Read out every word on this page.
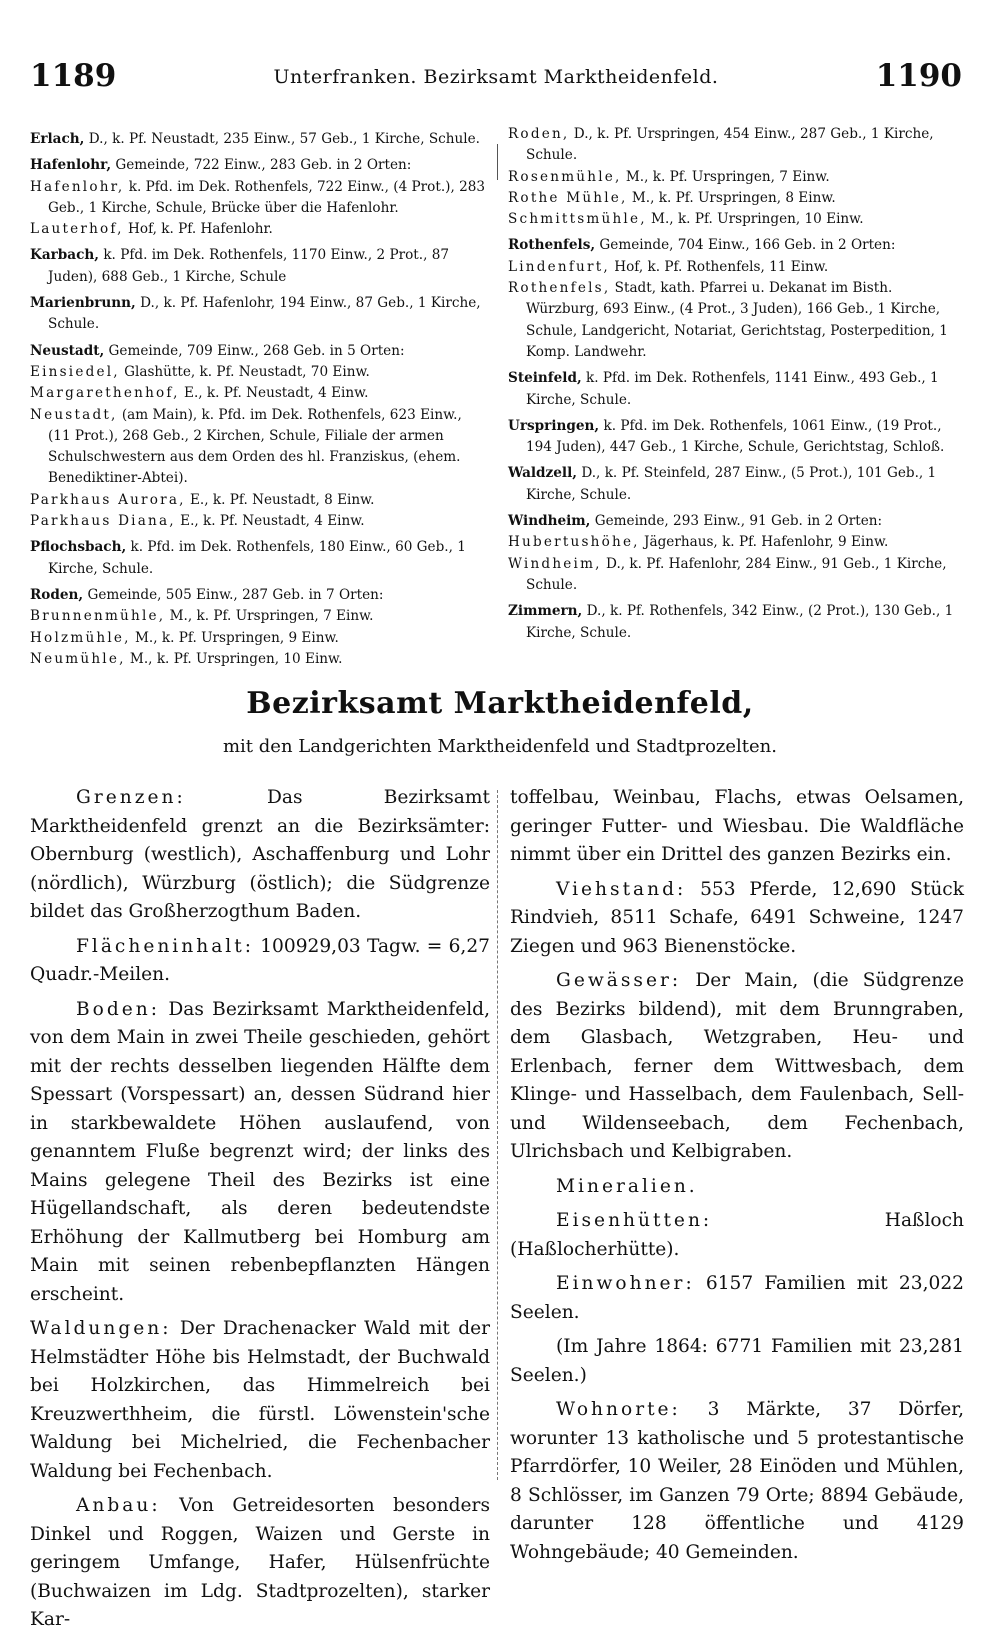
1189	Unterfranken. Bezirksamt Marktheidenfeld.	1190

Erlach, D., k. Pf. Neustadt, 235 Einw., 57 Geb., 1 Kirche, Schule.

Hafenlohr, Gemeinde, 722 Einw., 283 Geb. in 2 Orten:

Hafenlohr, k. Pfd. im Dek. Rothenfels, 722 Einw., (4 Prot.), 283 Geb., 1 Kirche, Schule, Brücke über die Hafenlohr.

Lauterhof, Hof, k. Pf. Hafenlohr.

Karbach, k. Pfd. im Dek. Rothenfels, 1170 Einw., 2 Prot., 87 Juden), 688 Geb., 1 Kirche, Schule

Marienbrunn, D., k. Pf. Hafenlohr, 194 Einw., 87 Geb., 1 Kirche, Schule.

Neustadt, Gemeinde, 709 Einw., 268 Geb. in 5 Orten:

Einsiedel, Glashütte, k. Pf. Neustadt, 70 Einw.

Margarethenhof, E., k. Pf. Neustadt, 4 Einw.

Neustadt, (am Main), k. Pfd. im Dek. Rothenfels, 623 Einw., (11 Prot.), 268 Geb., 2 Kirchen, Schule, Filiale der armen Schulschwestern aus dem Orden des hl. Franziskus, (ehem. Benediktiner-Abtei).

Parkhaus Aurora, E., k. Pf. Neustadt, 8 Einw.

Parkhaus Diana, E., k. Pf. Neustadt, 4 Einw.

Pflochsbach, k. Pfd. im Dek. Rothenfels, 180 Einw., 60 Geb., 1 Kirche, Schule.

Roden, Gemeinde, 505 Einw., 287 Geb. in 7 Orten:

Brunnenmühle, M., k. Pf. Urspringen, 7 Einw.

Holzmühle, M., k. Pf. Urspringen, 9 Einw.

Neumühle, M., k. Pf. Urspringen, 10 Einw.

Roden, D., k. Pf. Urspringen, 454 Einw., 287 Geb., 1 Kirche, Schule.

Rosenmühle, M., k. Pf. Urspringen, 7 Einw.

Rothe Mühle, M., k. Pf. Urspringen, 8 Einw.

Schmittsmühle, M., k. Pf. Urspringen, 10 Einw.

Rothenfels, Gemeinde, 704 Einw., 166 Geb. in 2 Orten:

Lindenfurt, Hof, k. Pf. Rothenfels, 11 Einw.

Rothenfels, Stadt, kath. Pfarrei u. Dekanat im Bisth. Würzburg, 693 Einw., (4 Prot., 3 Juden), 166 Geb., 1 Kirche, Schule, Landgericht, Notariat, Gerichtstag, Posterpedition, 1 Komp. Landwehr.

Steinfeld, k. Pfd. im Dek. Rothenfels, 1141 Einw., 493 Geb., 1 Kirche, Schule.

Urspringen, k. Pfd. im Dek. Rothenfels, 1061 Einw., (19 Prot., 194 Juden), 447 Geb., 1 Kirche, Schule, Gerichtstag, Schloß.

Waldzell, D., k. Pf. Steinfeld, 287 Einw., (5 Prot.), 101 Geb., 1 Kirche, Schule.

Windheim, Gemeinde, 293 Einw., 91 Geb. in 2 Orten:

Hubertushöhe, Jägerhaus, k. Pf. Hafenlohr, 9 Einw.

Windheim, D., k. Pf. Hafenlohr, 284 Einw., 91 Geb., 1 Kirche, Schule.

Zimmern, D., k. Pf. Rothenfels, 342 Einw., (2 Prot.), 130 Geb., 1 Kirche, Schule.

Bezirksamt Marktheidenfeld,
mit den Landgerichten Marktheidenfeld und Stadtprozelten.

Grenzen: Das Bezirksamt Marktheidenfeld grenzt an die Bezirksämter: Obernburg (westlich), Aschaffenburg und Lohr (nördlich), Würzburg (östlich); die Südgrenze bildet das Großherzogthum Baden.

Flächeninhalt: 100929,03 Tagw. = 6,27 Quadr.-Meilen.

Boden: Das Bezirksamt Marktheidenfeld, von dem Main in zwei Theile geschieden, gehört mit der rechts desselben liegenden Hälfte dem Spessart (Vorspessart) an, dessen Südrand hier in starkbewaldete Höhen auslaufend, von genanntem Fluße begrenzt wird; der links des Mains gelegene Theil des Bezirks ist eine Hügellandschaft, als deren bedeutendste Erhöhung der Kallmutberg bei Homburg am Main mit seinen rebenbepflanzten Hängen erscheint.

Waldungen: Der Drachenacker Wald mit der Helmstädter Höhe bis Helmstadt, der Buchwald bei Holzkirchen, das Himmelreich bei Kreuzwerthheim, die fürstl. Löwenstein'sche Waldung bei Michelried, die Fechenbacher Waldung bei Fechenbach.

Anbau: Von Getreidesorten besonders Dinkel und Roggen, Waizen und Gerste in geringem Umfange, Hafer, Hülsenfrüchte (Buchwaizen im Ldg. Stadtprozelten), starker Kar-

toffelbau, Weinbau, Flachs, etwas Oelsamen, geringer Futter- und Wiesbau. Die Waldfläche nimmt über ein Drittel des ganzen Bezirks ein.

Viehstand: 553 Pferde, 12,690 Stück Rindvieh, 8511 Schafe, 6491 Schweine, 1247 Ziegen und 963 Bienenstöcke.

Gewässer: Der Main, (die Südgrenze des Bezirks bildend), mit dem Brunngraben, dem Glasbach, Wetzgraben, Heu- und Erlenbach, ferner dem Wittwesbach, dem Klinge- und Hasselbach, dem Faulenbach, Sell- und Wildenseebach, dem Fechenbach, Ulrichsbach und Kelbigraben.

Mineralien.

Eisenhütten: Haßloch (Haßlocherhütte).

Einwohner: 6157 Familien mit 23,022 Seelen.

(Im Jahre 1864: 6771 Familien mit 23,281 Seelen.)

Wohnorte: 3 Märkte, 37 Dörfer, worunter 13 katholische und 5 protestantische Pfarrdörfer, 10 Weiler, 28 Einöden und Mühlen, 8 Schlösser, im Ganzen 79 Orte; 8894 Gebäude, darunter 128 öffentliche und 4129 Wohngebäude; 40 Gemeinden.
